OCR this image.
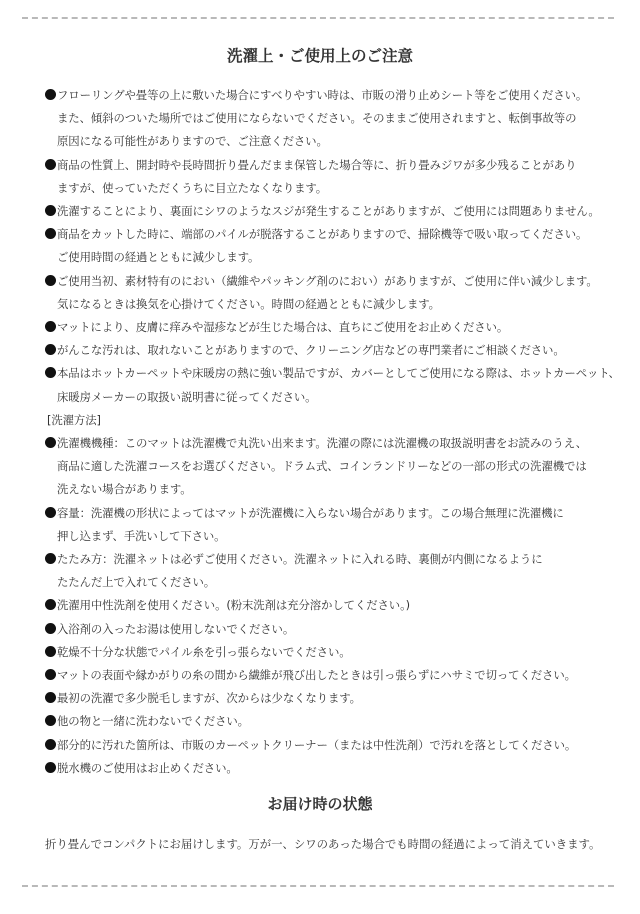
洗濯上・ご使用上のご注意
フローリングや畳等の上に敷いた場合にすべりやすい時は、市販の滑り止めシート等をご使用ください。
また、傾斜のついた場所ではご使用にならないでください。そのままご使用されますと、転倒事故等の
原因になる可能性がありますので、ご注意ください。
商品の性質上、開封時や長時間折り畳んだまま保管した場合等に、折り畳みジワが多少残ることがあり
ますが、使っていただくうちに目立たなくなります。
洗濯することにより、裏面にシワのようなスジが発生することがありますが、ご使用には問題ありません。
商品をカットした時に、端部のパイルが脱落することがありますので、掃除機等で吸い取ってください。
ご使用時間の経過とともに減少します。
ご使用当初、素材特有のにおい（繊維やパッキング剤のにおい）がありますが、ご使用に伴い減少します。
気になるときは換気を心掛けてください。時間の経過とともに減少します。
マットにより、皮膚に痒みや湿疹などが生じた場合は、直ちにご使用をお止めください。
がんこな汚れは、取れないことがありますので、クリーニング店などの専門業者にご相談ください。
本品はホットカーペットや床暖房の熱に強い製品ですが、カバーとしてご使用になる際は、ホットカーペット、
床暖房メーカーの取扱い説明書に従ってください。
[洗濯方法]
洗濯機機種：このマットは洗濯機で丸洗い出来ます。洗濯の際には洗濯機の取扱説明書をお読みのうえ、
商品に適した洗濯コースをお選びください。ドラム式、コインランドリーなどの一部の形式の洗濯機では
洗えない場合があります。
容量：洗濯機の形状によってはマットが洗濯機に入らない場合があります。この場合無理に洗濯機に
押し込まず、手洗いして下さい。
たたみ方：洗濯ネットは必ずご使用ください。洗濯ネットに入れる時、裏側が内側になるように
たたんだ上で入れてください。
洗濯用中性洗剤を使用ください。(粉末洗剤は充分溶かしてください。)
入浴剤の入ったお湯は使用しないでください。
乾燥不十分な状態でパイル糸を引っ張らないでください。
マットの表面や縁かがりの糸の間から繊維が飛び出したときは引っ張らずにハサミで切ってください。
最初の洗濯で多少脱毛しますが、次からは少なくなります。
他の物と一緒に洗わないでください。
部分的に汚れた箇所は、市販のカーペットクリーナー（または中性洗剤）で汚れを落としてください。
脱水機のご使用はお止めください。
お届け時の状態
折り畳んでコンパクトにお届けします。万が一、シワのあった場合でも時間の経過によって消えていきます。
